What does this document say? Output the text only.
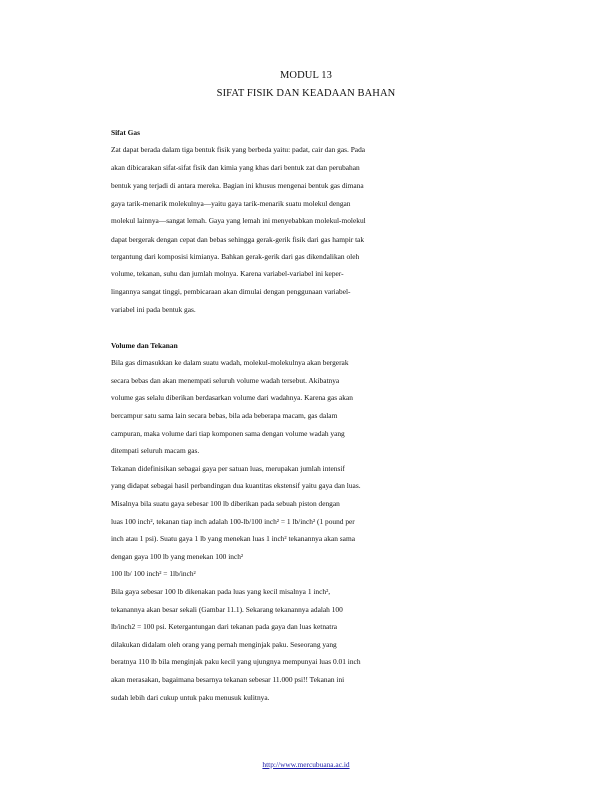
MODUL 13
SIFAT FISIK DAN KEADAAN BAHAN
Sifat Gas
Zat dapat berada dalam tiga bentuk fisik yang berbeda yaitu: padat, cair dan gas. Pada
akan dibicarakan sifat-sifat fisik dan kimia yang khas dari bentuk zat dan perubahan
bentuk yang terjadi di antara mereka. Bagian ini khusus mengenai bentuk gas dimana
gaya tarik-menarik molekulnya—yaitu gaya tarik-menarik suatu molekul dengan
molekul lainnya—sangat lemah. Gaya yang lemah ini menyebabkan molekul-molekul
dapat bergerak dengan cepat dan bebas sehingga gerak-gerik fisik dari gas hampir tak
tergantung dari komposisi kimianya. Bahkan gerak-gerik dari gas dikendalikan oleh
volume, tekanan, suhu dan jumlah molnya. Karena variabel-variabel ini keper-
lingannya sangat tinggi, pembicaraan akan dimulai dengan penggunaan variabel-
variabel ini pada bentuk gas.
Volume dan Tekanan
Bila gas dimasukkan ke dalam suatu wadah, molekul-molekulnya akan bergerak
secara bebas dan akan menempati seluruh volume wadah tersebut. Akibatnya
volume gas selalu diberikan berdasarkan volume dari wadahnya. Karena gas akan
bercampur satu sama lain secara bebas, bila ada beberapa macam, gas dalam
campuran, maka volume dari tiap komponen sama dengan volume wadah yang
ditempati seluruh macam gas.
Tekanan didefinisikan sebagai gaya per satuan luas, merupakan jumlah intensif
yang didapat sebagai hasil perbandingan dua kuantitas ekstensif yaitu gaya dan luas.
Misalnya bila suatu gaya sebesar 100 lb diberikan pada sebuah piston dengan
luas 100 inch², tekanan tiap inch adalah 100-lb/100 inch² = 1 lb/inch² (1 pound per
inch atau 1 psi). Suatu gaya 1 lb yang menekan luas 1 inch² tekanannya akan sama
dengan gaya 100 lb yang menekan 100 inch²
100 lb/ 100 inch² = 1lb/inch²
Bila gaya sebesar 100 lb dikenakan pada luas yang kecil misalnya 1 inch²,
tekanannya akan besar sekali (Gambar 11.1). Sekarang tekanannya adalah 100
lb/inch2 = 100 psi. Ketergantungan dari tekanan pada gaya dan luas ketnatra
dilakukan didalam oleh orang yang pernah menginjak paku. Seseorang yang
beratnya 110 lb bila menginjak paku kecil yang ujungnya mempunyai luas 0.01 inch
akan merasakan, bagaimana besarnya tekanan sebesar 11.000 psi!! Tekanan ini
sudah lebih dari cukup untuk paku menusuk kulitnya.
http://www.mercubuana.ac.id
